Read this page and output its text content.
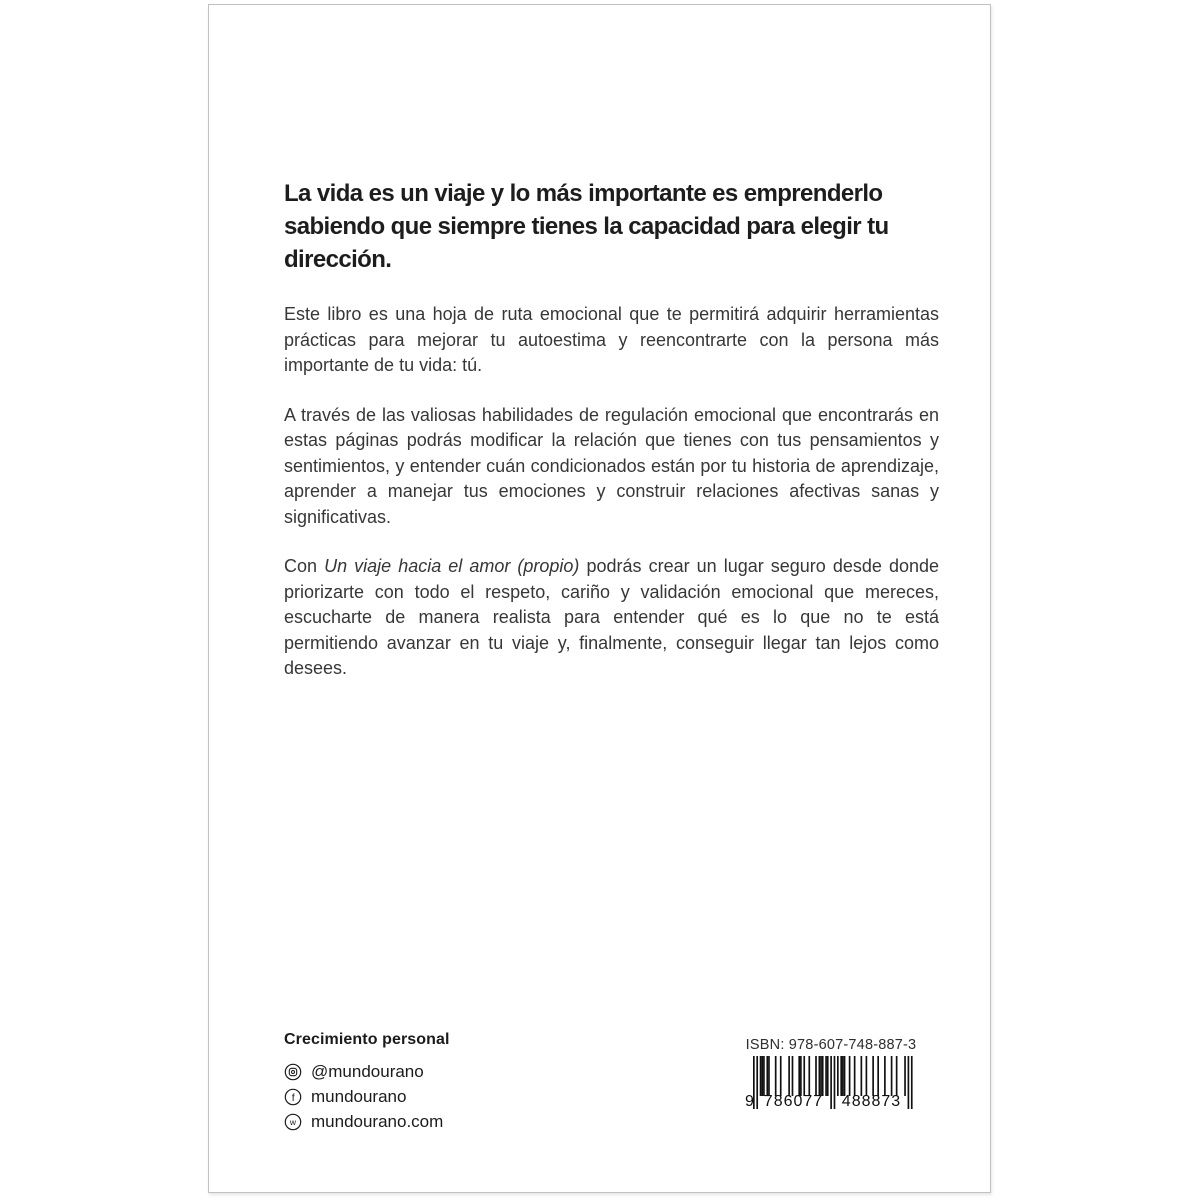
La vida es un viaje y lo más importante es emprenderlo
sabiendo que siempre tienes la capacidad para elegir tu
dirección.

Este libro es una hoja de ruta emocional que te permitirá adquirir herramientas prácticas para mejorar tu autoestima y reencontrarte con la persona más importante de tu vida: tú.

A través de las valiosas habilidades de regulación emocional que encontrarás en estas páginas podrás modificar la relación que tienes con tus pensamientos y sentimientos, y entender cuán condicionados están por tu historia de aprendizaje, aprender a manejar tus emociones y construir relaciones afectivas sanas y significativas.

Con Un viaje hacia el amor (propio) podrás crear un lugar seguro desde donde priorizarte con todo el respeto, cariño y validación emocional que mereces, escucharte de manera realista para entender qué es lo que no te está permitiendo avanzar en tu viaje y, finalmente, conseguir llegar tan lejos como desees.

Crecimiento personal
@mundourano
f mundourano
w mundourano.com
ISBN: 978-607-748-887-3
9 786077	488873
